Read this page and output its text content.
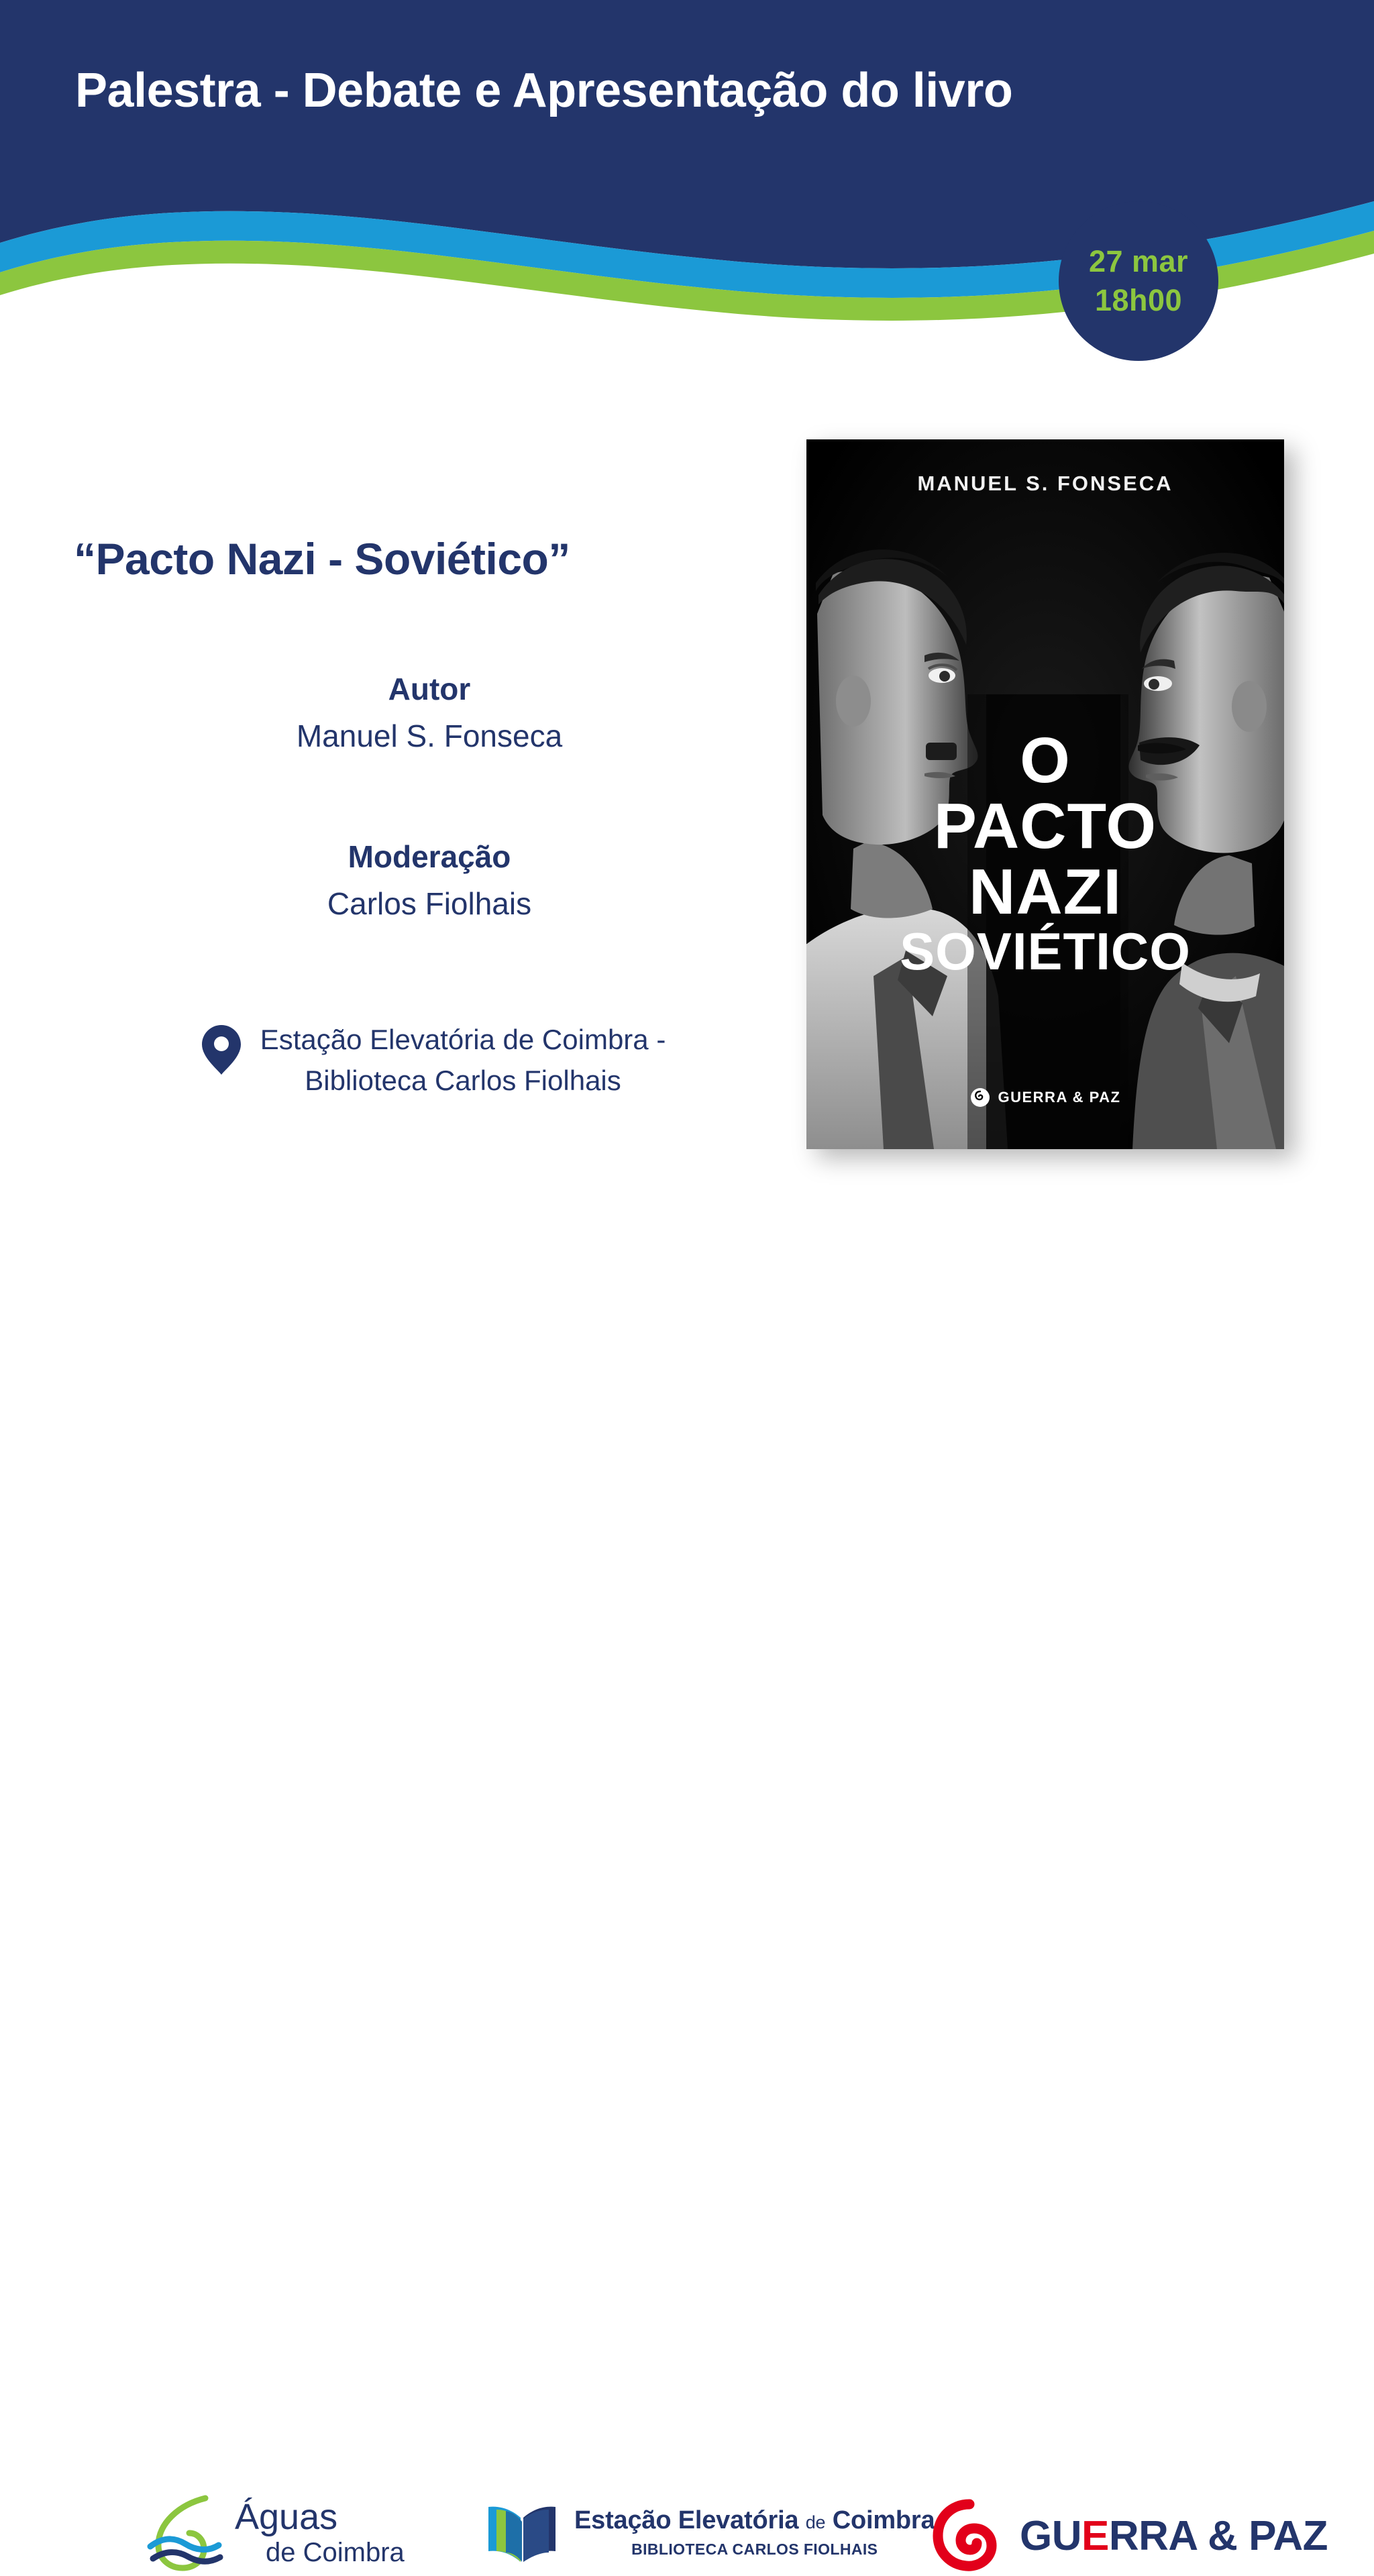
Palestra - Debate e Apresentação do livro
27 mar
18h00
“Pacto Nazi - Soviético”
Autor
Manuel S. Fonseca
Moderação
Carlos Fiolhais
Estação Elevatória de Coimbra -
Biblioteca Carlos Fiolhais
MANUEL S. FONSECA
O
PACTO
NAZI
SOVIÉTICO
GUERRA & PAZ
Águas
de Coimbra
Estação Elevatória de Coimbra
BIBLIOTECA CARLOS FIOLHAIS	GUERRA & PAZ
